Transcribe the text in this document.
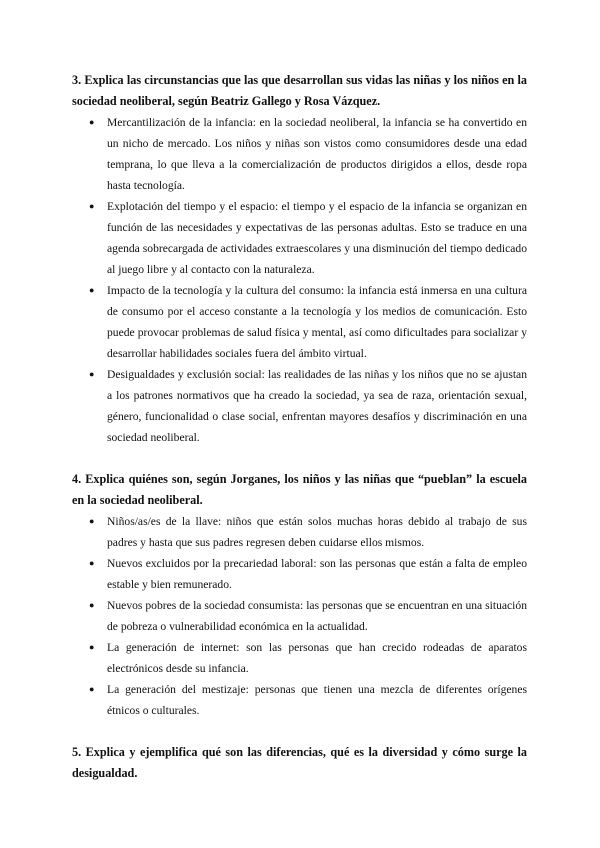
3. Explica las circunstancias que las que desarrollan sus vidas las niñas y los niños en la sociedad neoliberal, según Beatriz Gallego y Rosa Vázquez.

● Mercantilización de la infancia: en la sociedad neoliberal, la infancia se ha convertido en un nicho de mercado. Los niños y niñas son vistos como consumidores desde una edad temprana, lo que lleva a la comercialización de productos dirigidos a ellos, desde ropa hasta tecnología.
● Explotación del tiempo y el espacio: el tiempo y el espacio de la infancia se organizan en función de las necesidades y expectativas de las personas adultas. Esto se traduce en una agenda sobrecargada de actividades extraescolares y una disminución del tiempo dedicado al juego libre y al contacto con la naturaleza.
● Impacto de la tecnología y la cultura del consumo: la infancia está inmersa en una cultura de consumo por el acceso constante a la tecnología y los medios de comunicación. Esto puede provocar problemas de salud física y mental, así como dificultades para socializar y desarrollar habilidades sociales fuera del ámbito virtual.
● Desigualdades y exclusión social: las realidades de las niñas y los niños que no se ajustan a los patrones normativos que ha creado la sociedad, ya sea de raza, orientación sexual, género, funcionalidad o clase social, enfrentan mayores desafíos y discriminación en una sociedad neoliberal.

4. Explica quiénes son, según Jorganes, los niños y las niñas que “pueblan” la escuela en la sociedad neoliberal.

● Niños/as/es de la llave: niños que están solos muchas horas debido al trabajo de sus padres y hasta que sus padres regresen deben cuidarse ellos mismos.
● Nuevos excluidos por la precariedad laboral: son las personas que están a falta de empleo estable y bien remunerado.
● Nuevos pobres de la sociedad consumista: las personas que se encuentran en una situación de pobreza o vulnerabilidad económica en la actualidad.
● La generación de internet: son las personas que han crecido rodeadas de aparatos electrónicos desde su infancia.
● La generación del mestizaje: personas que tienen una mezcla de diferentes orígenes étnicos o culturales.

5. Explica y ejemplifica qué son las diferencias, qué es la diversidad y cómo surge la desigualdad.
